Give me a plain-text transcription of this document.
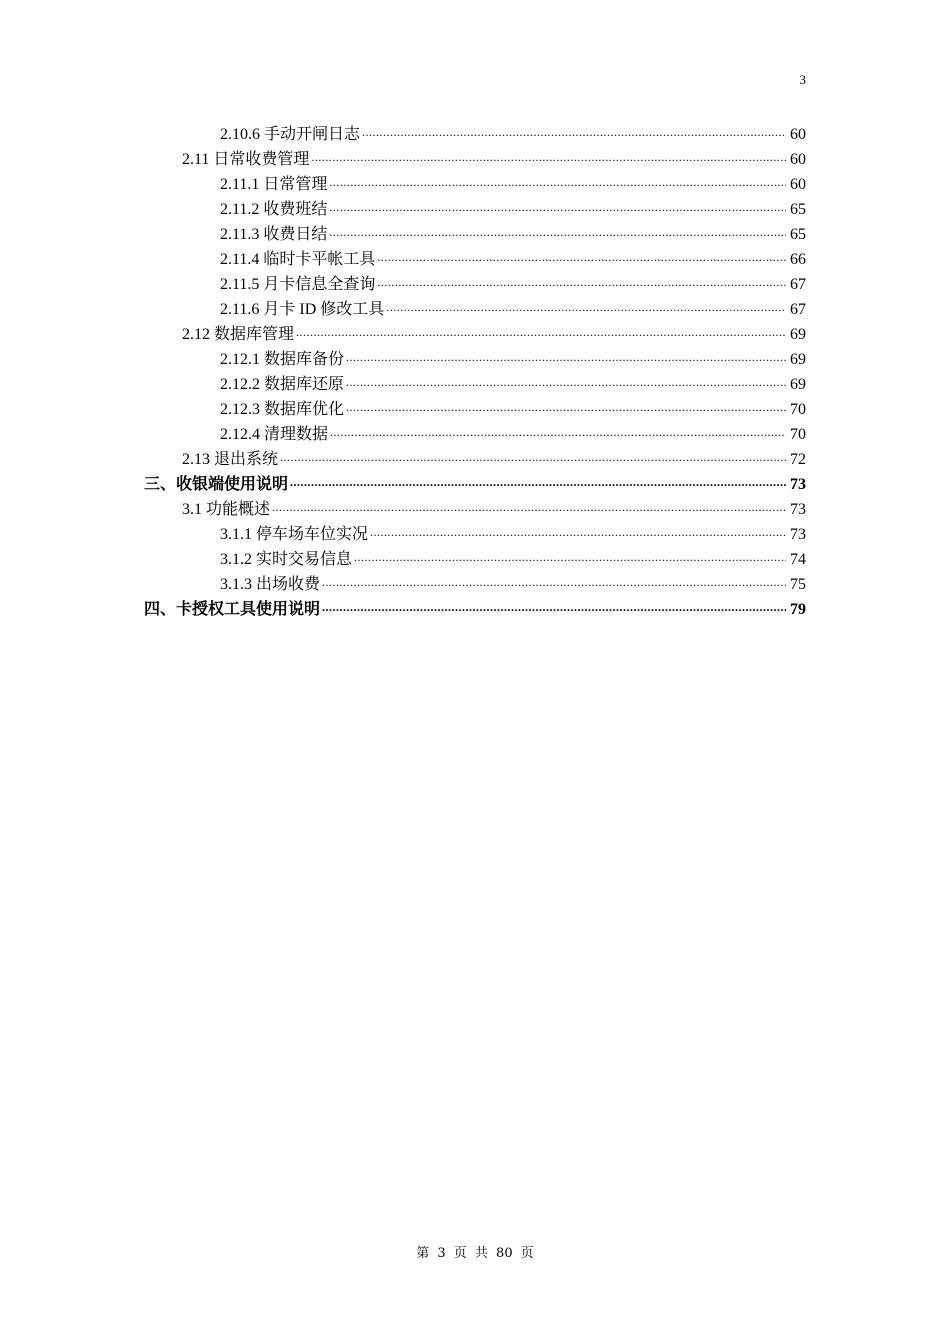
3
2.10.6 手动开闸日志 .....	60
2.11 日常收费管理 .....	60
2.11.1 日常管理 .....	60
2.11.2 收费班结 .....	65
2.11.3 收费日结 .....	65
2.11.4 临时卡平帐工具 .....	66
2.11.5 月卡信息全查询 .....	67
2.11.6 月卡 ID 修改工具 .....	67
2.12 数据库管理 .....	69
2.12.1 数据库备份 .....	69
2.12.2 数据库还原 .....	69
2.12.3 数据库优化 .....	70
2.12.4 清理数据 .....	70
2.13 退出系统 .....	72
三、收银端使用说明 .....	73
3.1 功能概述 .....	73
3.1.1 停车场车位实况 .....	73
3.1.2 实时交易信息 .....	74
3.1.3 出场收费 .....	75
四、卡授权工具使用说明 .....	79
第 3 页 共 80 页
